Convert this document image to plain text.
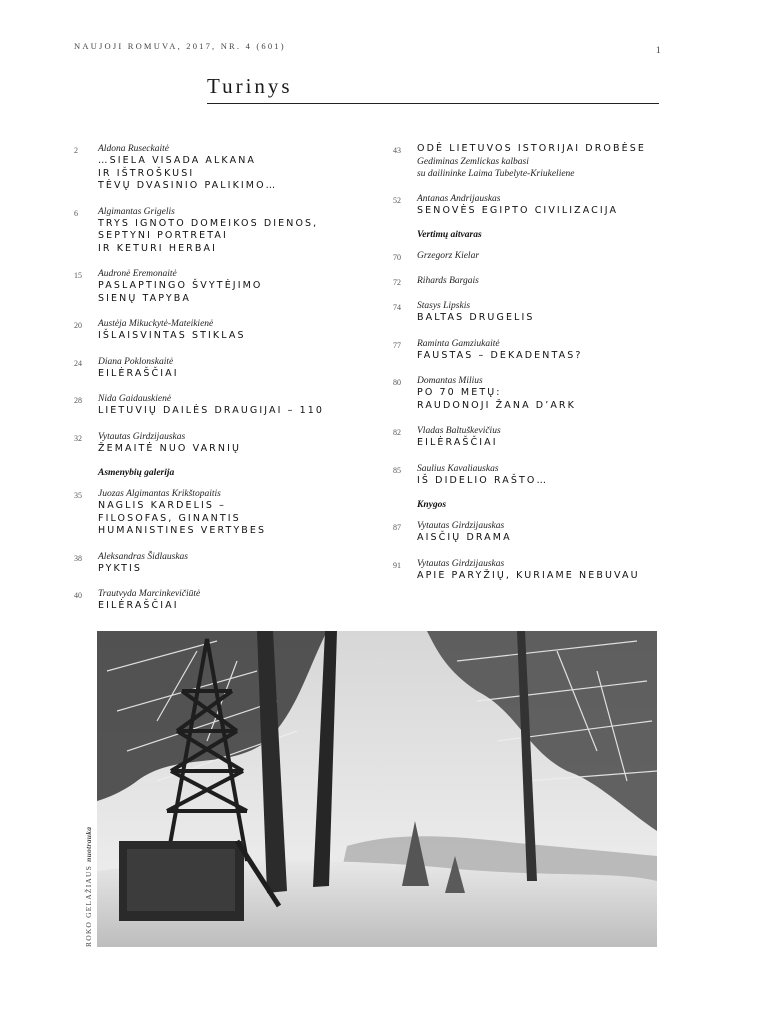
NAUJOJI ROMUVA, 2017, NR. 4 (601)	1
Turinys
2 Aldona Ruseckaitė
…SIELA VISADA ALKANA
IR IŠTROŠKUSI
TĖVŲ DVASINIO PALIKIMO…
6 Algimantas Grigelis
TRYS IGNOTO DOMEIKOS DIENOS,
SEPTYNI PORTRETAI
IR KETURI HERBAI
15 Audronė Eremonaitė
PASLAPTINGO ŠVYTĖJIMO
SIENŲ TAPYBA
20 Austėja Mikuckytė-Mateikienė
IŠLAISVINTAS STIKLAS
24 Diana Poklonskaitė
EILĖRAŠČIAI
28 Nida Gaidauskienė
LIETUVIŲ DAILĖS DRAUGIJAI – 110
32 Vytautas Girdzijauskas
ŽEMAITĖ NUO VARNIŲ
Asmenybių galerija
35 Juozas Algimantas Krikštopaitis
NAGLIS KARDELIS –
FILOSOFAS, GINANTIS
HUMANISTINES VERTYBES
38 Aleksandras Šidlauskas
PYKTIS
40 Trautvyda Marcinkevičiūtė
EILĖRAŠČIAI
43 ODĖ LIETUVOS ISTORIJAI DROBĖSE
Gediminas Zemlickas kalbasi
su dailininke Laima Tubelyte-Kriukeliene
52 Antanas Andrijauskas
SENOVĖS EGIPTO CIVILIZACIJA
Vertimų aitvaras
70 Grzegorz Kielar
72 Rihards Bargais
74 Stasys Lipskis
BALTAS DRUGELIS
77 Raminta Gamziukaitė
FAUSTAS – DEKADENTAS?
80 Domantas Milius
PO 70 METŲ:
RAUDONOJI ŽANA D’ARK
82 Vladas Baltuškevičius
EILĖRAŠČIAI
85 Saulius Kavaliauskas
IŠ DIDELIO RAŠTO…
Knygos
87 Vytautas Girdzijauskas
AISČIŲ DRAMA
91 Vytautas Girdzijauskas
APIE PARYŽIŲ, KURIAME NEBUVAU
ROKO GELAŽIAUS nuotrauka
